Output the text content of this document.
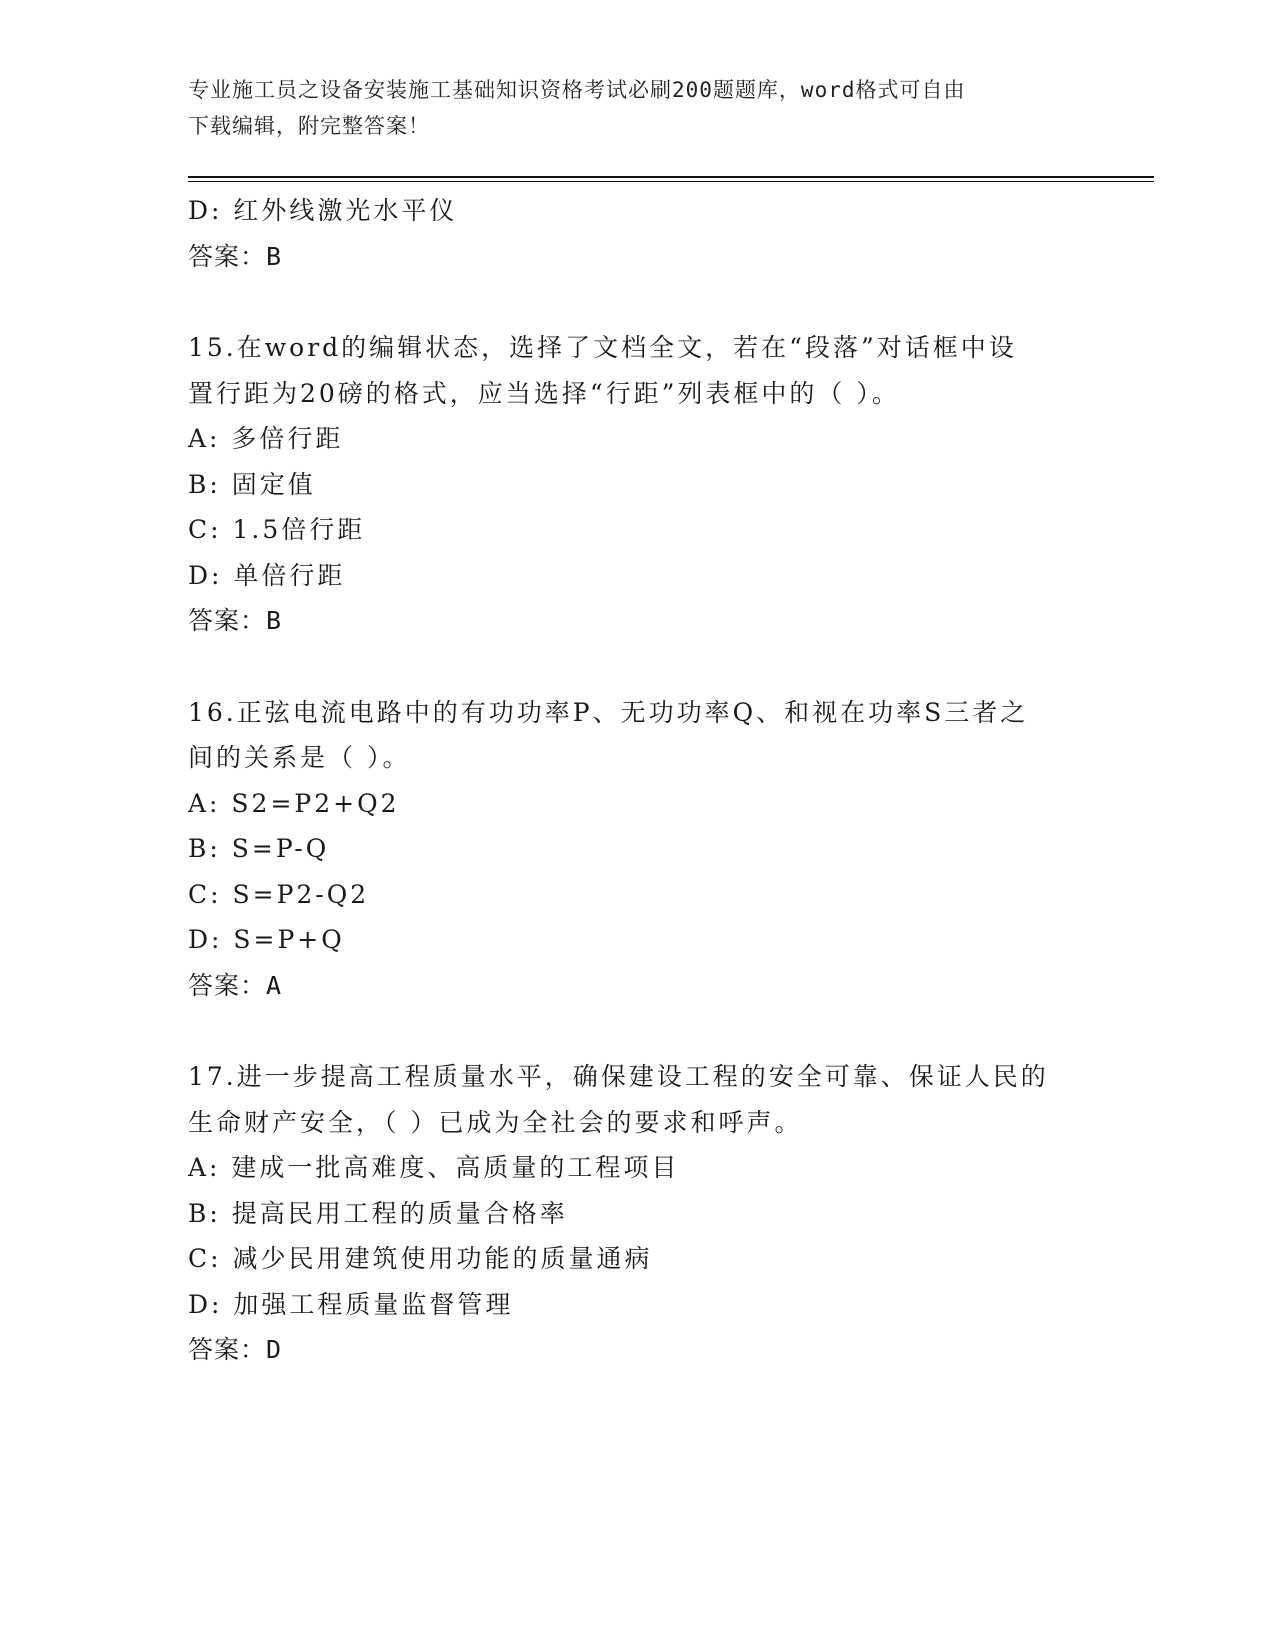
专业施工员之设备安装施工基础知识资格考试必刷200题题库，word格式可自由
下载编辑，附完整答案！
D: 红外线激光水平仪
答案：B
15.在word的编辑状态，选择了文档全文，若在“段落”对话框中设
置行距为20磅的格式，应当选择“行距”列表框中的（ ）。
A: 多倍行距
B: 固定值
C: 1.5倍行距
D: 单倍行距
答案：B
16.正弦电流电路中的有功功率P、无功功率Q、和视在功率S三者之
间的关系是（ ）。
A: S2=P2+Q2
B: S=P-Q
C: S=P2-Q2
D: S=P+Q
答案：A
17.进一步提高工程质量水平，确保建设工程的安全可靠、保证人民的
生命财产安全，（ ）已成为全社会的要求和呼声。
A: 建成一批高难度、高质量的工程项目
B: 提高民用工程的质量合格率
C: 减少民用建筑使用功能的质量通病
D: 加强工程质量监督管理
答案：D
